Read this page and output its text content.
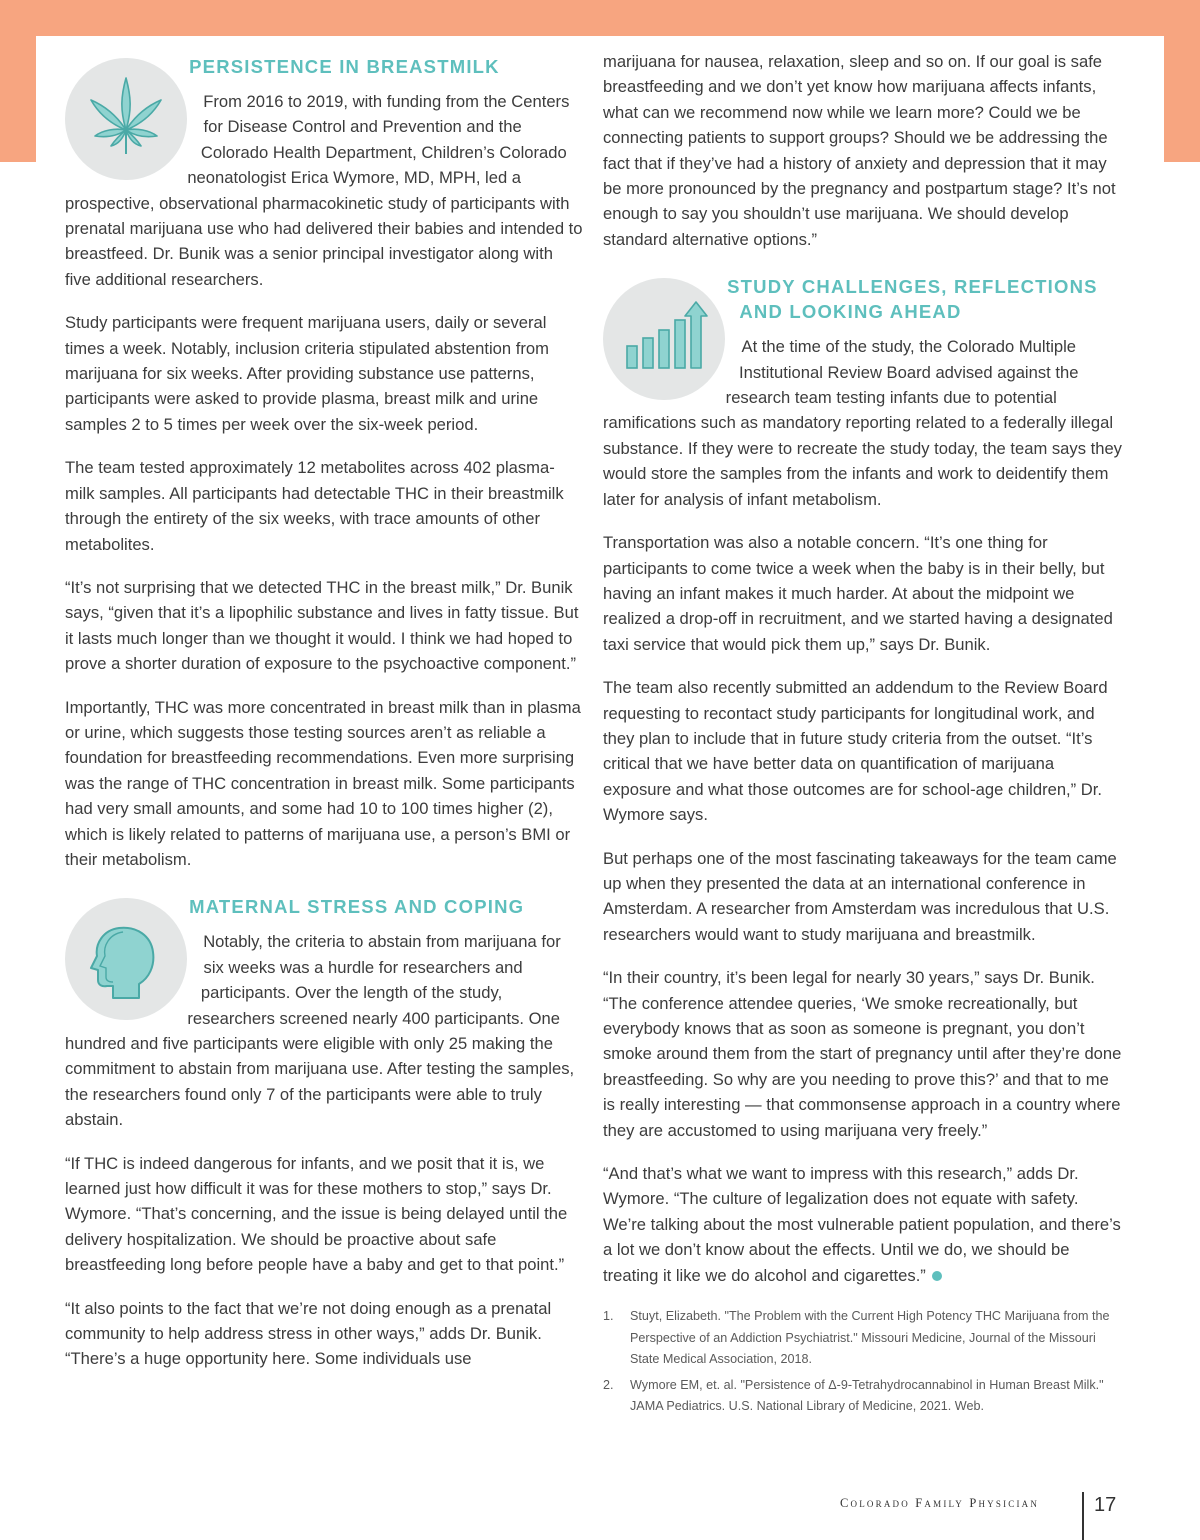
PERSISTENCE IN BREASTMILK

From 2016 to 2019, with funding from the Centers for Disease Control and Prevention and the Colorado Health Department, Children’s Colorado neonatologist Erica Wymore, MD, MPH, led a prospective, observational pharmacokinetic study of participants with prenatal marijuana use who had delivered their babies and intended to breastfeed. Dr. Bunik was a senior principal investigator along with five additional researchers.

Study participants were frequent marijuana users, daily or several times a week. Notably, inclusion criteria stipulated abstention from marijuana for six weeks. After providing substance use patterns, participants were asked to provide plasma, breast milk and urine samples 2 to 5 times per week over the six-week period.

The team tested approximately 12 metabolites across 402 plasma-milk samples. All participants had detectable THC in their breastmilk through the entirety of the six weeks, with trace amounts of other metabolites.

“It’s not surprising that we detected THC in the breast milk,” Dr. Bunik says, “given that it’s a lipophilic substance and lives in fatty tissue. But it lasts much longer than we thought it would. I think we had hoped to prove a shorter duration of exposure to the psychoactive component.”

Importantly, THC was more concentrated in breast milk than in plasma or urine, which suggests those testing sources aren’t as reliable a foundation for breastfeeding recommendations. Even more surprising was the range of THC concentration in breast milk. Some participants had very small amounts, and some had 10 to 100 times higher (2), which is likely related to patterns of marijuana use, a person’s BMI or their metabolism.

MATERNAL STRESS AND COPING

Notably, the criteria to abstain from marijuana for six weeks was a hurdle for researchers and participants. Over the length of the study, researchers screened nearly 400 participants. One hundred and five participants were eligible with only 25 making the commitment to abstain from marijuana use. After testing the samples, the researchers found only 7 of the participants were able to truly abstain.

“If THC is indeed dangerous for infants, and we posit that it is, we learned just how difficult it was for these mothers to stop,” says Dr. Wymore. “That’s concerning, and the issue is being delayed until the delivery hospitalization. We should be proactive about safe breastfeeding long before people have a baby and get to that point.”

“It also points to the fact that we’re not doing enough as a prenatal community to help address stress in other ways,” adds Dr. Bunik. “There’s a huge opportunity here. Some individuals use

marijuana for nausea, relaxation, sleep and so on. If our goal is safe breastfeeding and we don’t yet know how marijuana affects infants, what can we recommend now while we learn more? Could we be connecting patients to support groups? Should we be addressing the fact that if they’ve had a history of anxiety and depression that it may be more pronounced by the pregnancy and postpartum stage? It’s not enough to say you shouldn’t use marijuana. We should develop standard alternative options.”

STUDY CHALLENGES, REFLECTIONS AND LOOKING AHEAD

At the time of the study, the Colorado Multiple Institutional Review Board advised against the research team testing infants due to potential ramifications such as mandatory reporting related to a federally illegal substance. If they were to recreate the study today, the team says they would store the samples from the infants and work to deidentify them later for analysis of infant metabolism.

Transportation was also a notable concern. “It’s one thing for participants to come twice a week when the baby is in their belly, but having an infant makes it much harder. At about the midpoint we realized a drop-off in recruitment, and we started having a designated taxi service that would pick them up,” says Dr. Bunik.

The team also recently submitted an addendum to the Review Board requesting to recontact study participants for longitudinal work, and they plan to include that in future study criteria from the outset. “It’s critical that we have better data on quantification of marijuana exposure and what those outcomes are for school-age children,” Dr. Wymore says.

But perhaps one of the most fascinating takeaways for the team came up when they presented the data at an international conference in Amsterdam. A researcher from Amsterdam was incredulous that U.S. researchers would want to study marijuana and breastmilk.

“In their country, it’s been legal for nearly 30 years,” says Dr. Bunik. “The conference attendee queries, ‘We smoke recreationally, but everybody knows that as soon as someone is pregnant, you don’t smoke around them from the start of pregnancy until after they’re done breastfeeding. So why are you needing to prove this?’ and that to me is really interesting — that commonsense approach in a country where they are accustomed to using marijuana very freely.”

“And that’s what we want to impress with this research,” adds Dr. Wymore. “The culture of legalization does not equate with safety. We’re talking about the most vulnerable patient population, and there’s a lot we don’t know about the effects. Until we do, we should be treating it like we do alcohol and cigarettes.”

1.	Stuyt, Elizabeth. "The Problem with the Current High Potency THC Marijuana from the Perspective of an Addiction Psychiatrist." Missouri Medicine, Journal of the Missouri State Medical Association, 2018.
2.	Wymore EM, et. al. "Persistence of Δ-9-Tetrahydrocannabinol in Human Breast Milk." JAMA Pediatrics. U.S. National Library of Medicine, 2021. Web.
Colorado Family Physician	17
